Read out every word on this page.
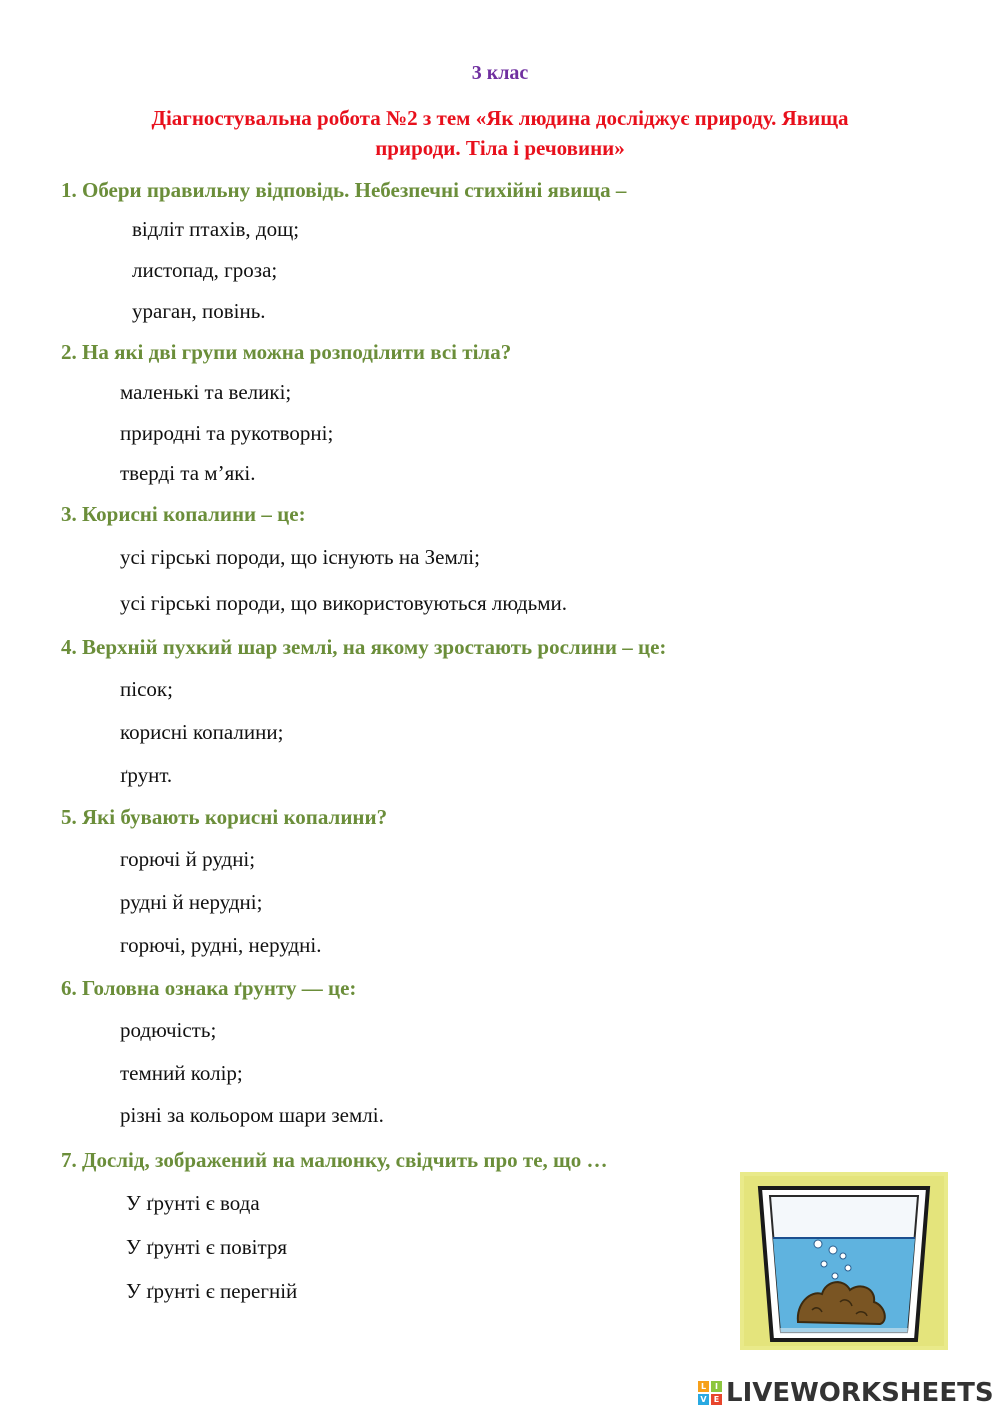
3 клас
Діагностувальна робота №2 з тем «Як людина досліджує природу. Явища
природи. Тіла і речовини»
1. Обери правильну відповідь. Небезпечні стихійні явища –
відліт птахів, дощ;
листопад, гроза;
ураган, повінь.
2. На які дві групи можна розподілити всі тіла?
маленькі та великі;
природні та рукотворні;
тверді та м’які.
3. Корисні копалини – це:
усі гірські породи, що існують на Землі;
усі гірські породи, що використовуються людьми.
4. Верхній пухкий шар землі, на якому зростають рослини – це:
пісок;
корисні копалини;
ґрунт.
5. Які бувають корисні копалини?
горючі й рудні;
рудні й нерудні;
горючі, рудні, нерудні.
6. Головна ознака ґрунту — це:
родючість;
темний колір;
різні за кольором шари землі.
7. Дослід, зображений на малюнку, свідчить про те, що …
У ґрунті є вода
У ґрунті є повітря
У ґрунті є перегній
L	I
V E LIVEWORKSHEETS
